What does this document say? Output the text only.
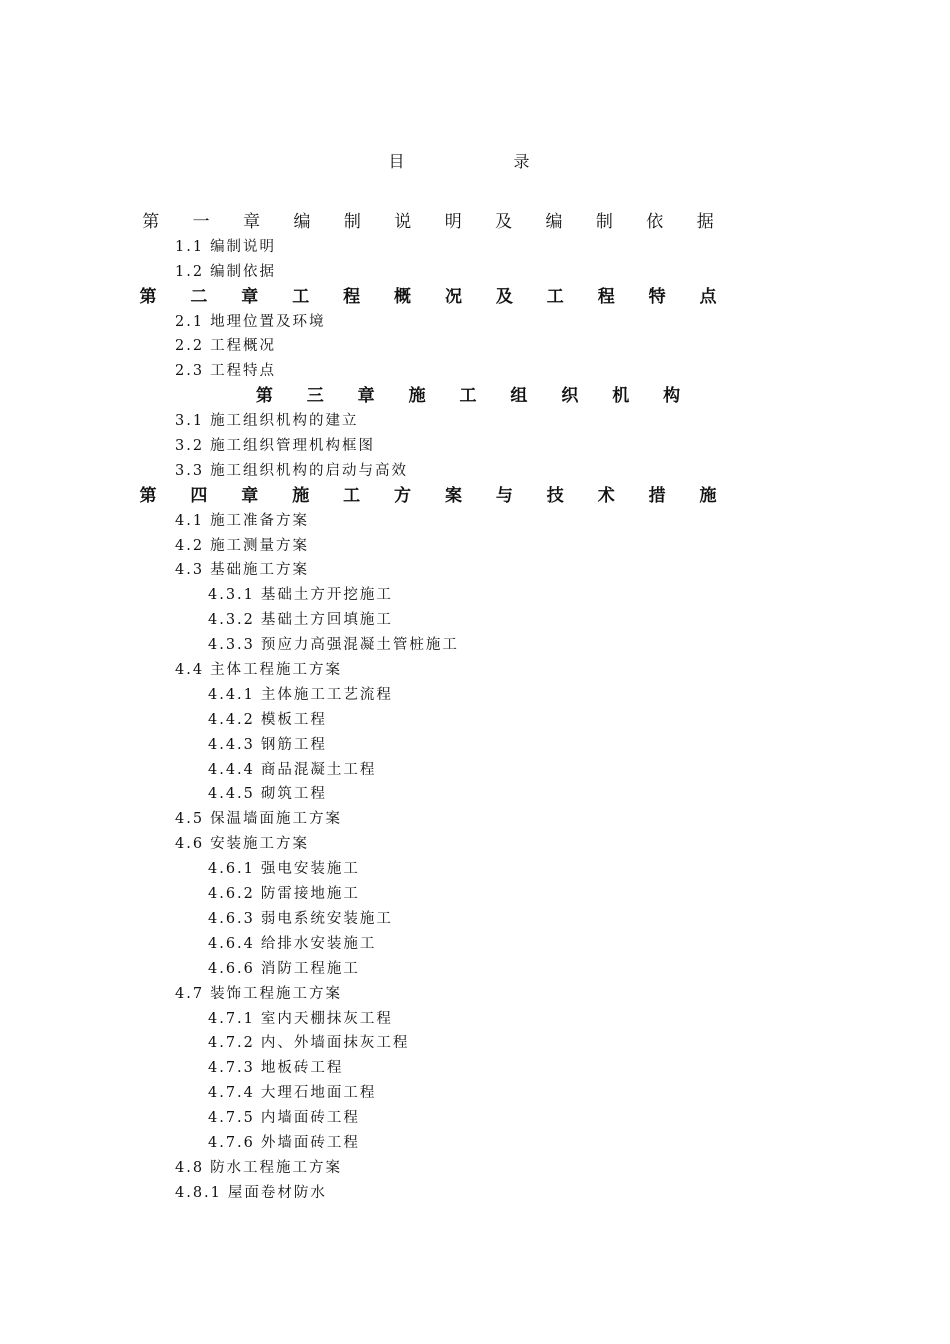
目 录
第 一 章 编 制 说 明 及 编 制 依 据
1.1 编制说明
1.2 编制依据
第 二 章 工 程 概 况 及 工 程 特 点
2.1 地理位置及环境
2.2 工程概况
2.3 工程特点
第 三 章 施 工 组 织 机 构
3.1 施工组织机构的建立
3.2 施工组织管理机构框图
3.3 施工组织机构的启动与高效
第 四 章 施 工 方 案 与 技 术 措 施
4.1 施工准备方案
4.2 施工测量方案
4.3 基础施工方案
4.3.1 基础土方开挖施工
4.3.2 基础土方回填施工
4.3.3 预应力高强混凝土管桩施工
4.4 主体工程施工方案
4.4.1 主体施工工艺流程
4.4.2 模板工程
4.4.3 钢筋工程
4.4.4 商品混凝土工程
4.4.5 砌筑工程
4.5 保温墙面施工方案
4.6 安装施工方案
4.6.1 强电安装施工
4.6.2 防雷接地施工
4.6.3 弱电系统安装施工
4.6.4 给排水安装施工
4.6.6 消防工程施工
4.7 装饰工程施工方案
4.7.1 室内天棚抹灰工程
4.7.2 内、外墙面抹灰工程
4.7.3 地板砖工程
4.7.4 大理石地面工程
4.7.5 内墙面砖工程
4.7.6 外墙面砖工程
4.8 防水工程施工方案
4.8.1 屋面卷材防水
